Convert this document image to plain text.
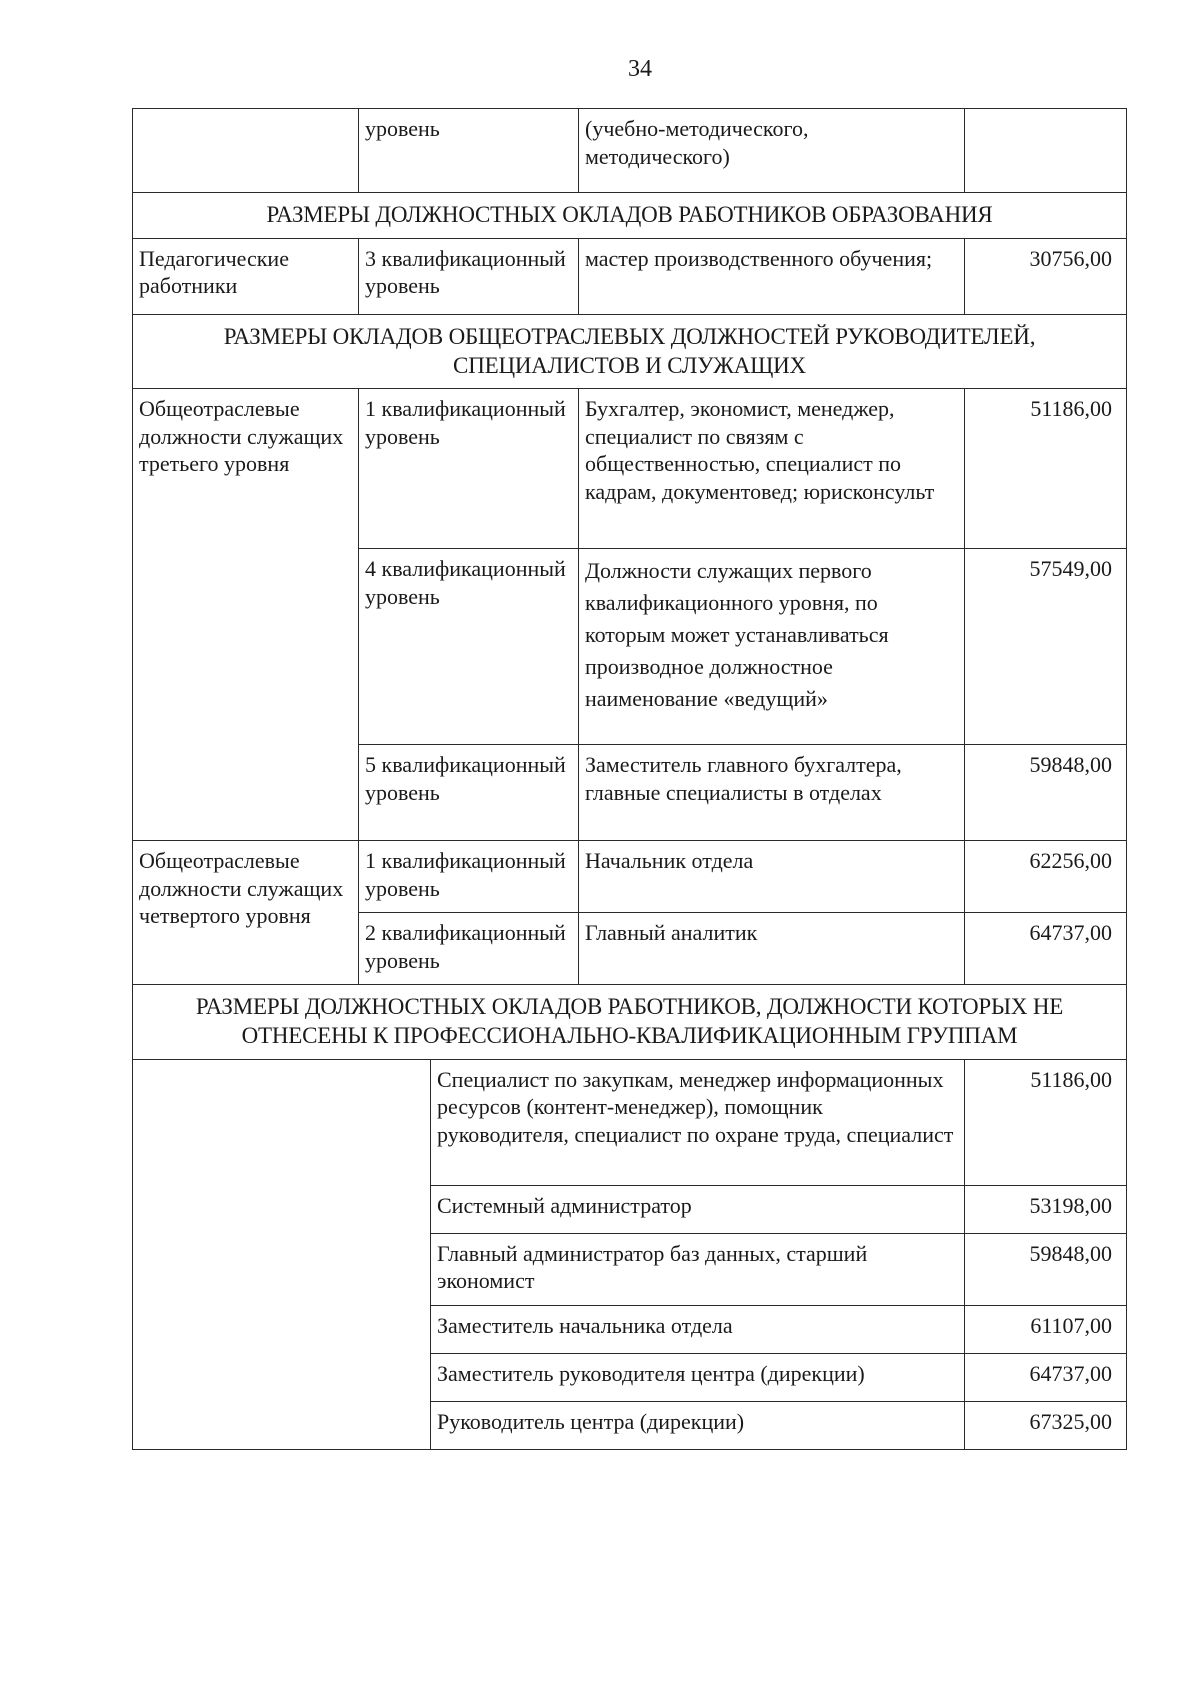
34
	уровень		(учебно-методического, методического)	
РАЗМЕРЫ ДОЛЖНОСТНЫХ ОКЛАДОВ РАБОТНИКОВ ОБРАЗОВАНИЯ				
Педагогические работники	3 квалификационный уровень		мастер производственного обучения;	30756,00
РАЗМЕРЫ ОКЛАДОВ ОБЩЕОТРАСЛЕВЫХ ДОЛЖНОСТЕЙ РУКОВОДИТЕЛЕЙ, СПЕЦИАЛИСТОВ И СЛУЖАЩИХ				
Общеотраслевые должности служащих третьего уровня	1 квалификационный уровень		Бухгалтер, экономист, менеджер, специалист по связям с общественностью, специалист по кадрам, документовед; юрисконсульт	51186,00
	4 квалификационный уровень		Должности служащих первого квалификационного уровня, по которым может устанавливаться производное должностное наименование «ведущий»	57549,00
	5 квалификационный уровень		Заместитель главного бухгалтера, главные специалисты в отделах	59848,00
Общеотраслевые должности служащих четвертого уровня	1 квалификационный уровень		Начальник отдела	62256,00
	2 квалификационный уровень		Главный аналитик	64737,00
РАЗМЕРЫ ДОЛЖНОСТНЫХ ОКЛАДОВ РАБОТНИКОВ, ДОЛЖНОСТИ КОТОРЫХ НЕ ОТНЕСЕНЫ К ПРОФЕССИОНАЛЬНО-КВАЛИФИКАЦИОННЫМ ГРУППАМ				
		Специалист по закупкам, менеджер информационных ресурсов (контент-менеджер), помощник руководителя, специалист по охране труда, специалист		51186,00
		Системный администратор		53198,00
		Главный администратор баз данных, старший экономист		59848,00
		Заместитель начальника отдела		61107,00
		Заместитель руководителя центра (дирекции)		64737,00
		Руководитель центра (дирекции)		67325,00
